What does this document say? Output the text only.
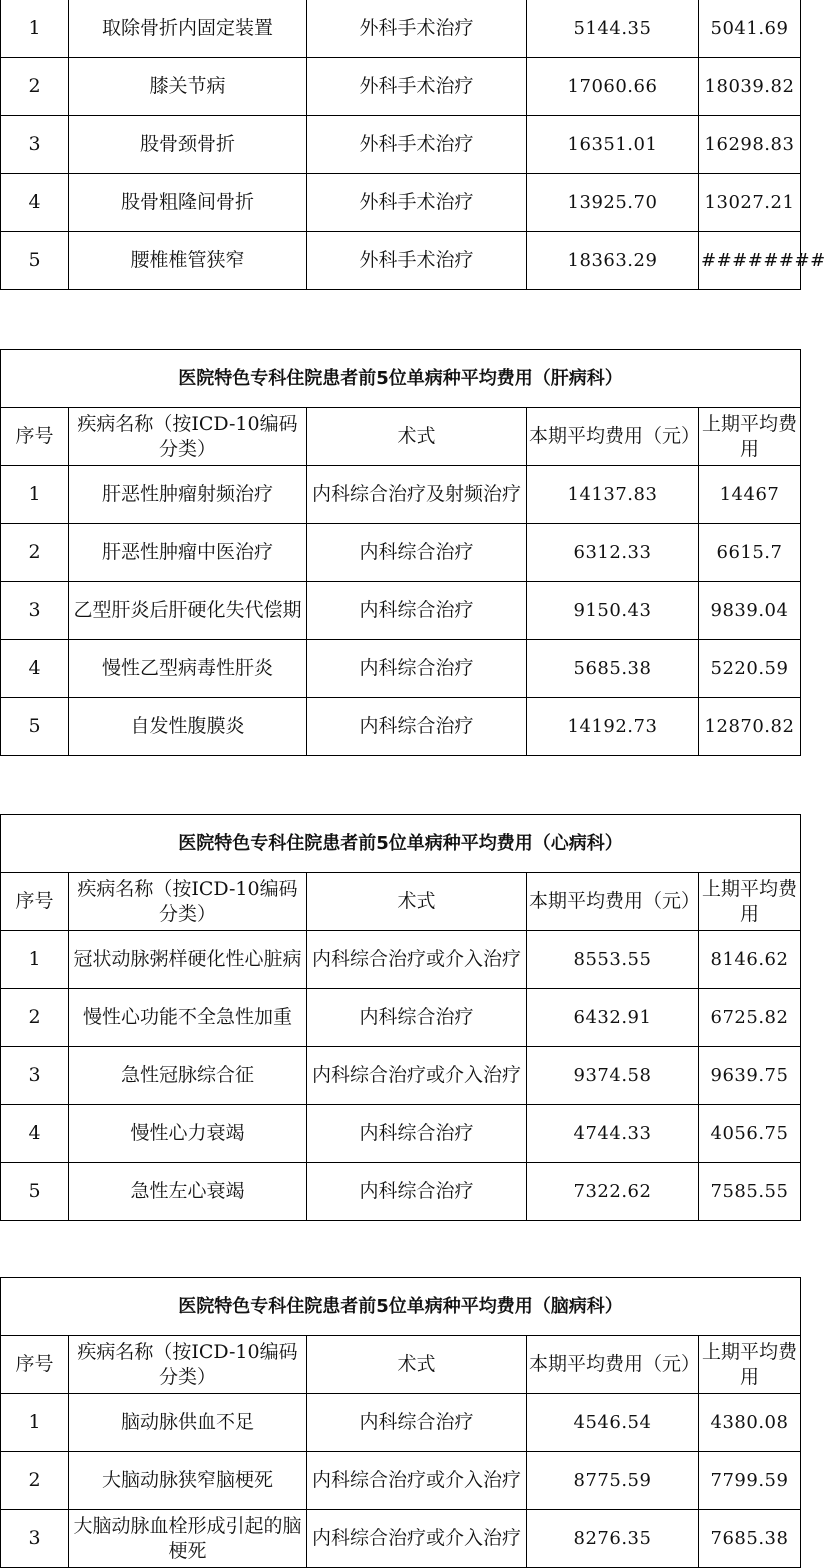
1	取除骨折内固定装置	外科手术治疗	5144.35	5041.69
2	膝关节病	外科手术治疗	17060.66	18039.82
3	股骨颈骨折	外科手术治疗	16351.01	16298.83
4	股骨粗隆间骨折	外科手术治疗	13925.70	13027.21
5	腰椎椎管狭窄	外科手术治疗	18363.29	########
医院特色专科住院患者前5位单病种平均费用（肝病科）				
序号	疾病名称（按ICD-10编码分类）	术式	本期平均费用（元）	上期平均费用
1	肝恶性肿瘤射频治疗	内科综合治疗及射频治疗	14137.83	14467
2	肝恶性肿瘤中医治疗	内科综合治疗	6312.33	6615.7
3	乙型肝炎后肝硬化失代偿期	内科综合治疗	9150.43	9839.04
4	慢性乙型病毒性肝炎	内科综合治疗	5685.38	5220.59
5	自发性腹膜炎	内科综合治疗	14192.73	12870.82
医院特色专科住院患者前5位单病种平均费用（心病科）				
序号	疾病名称（按ICD-10编码分类）	术式	本期平均费用（元）	上期平均费用
1	冠状动脉粥样硬化性心脏病	内科综合治疗或介入治疗	8553.55	8146.62
2	慢性心功能不全急性加重	内科综合治疗	6432.91	6725.82
3	急性冠脉综合征	内科综合治疗或介入治疗	9374.58	9639.75
4	慢性心力衰竭	内科综合治疗	4744.33	4056.75
5	急性左心衰竭	内科综合治疗	7322.62	7585.55
医院特色专科住院患者前5位单病种平均费用（脑病科）				
序号	疾病名称（按ICD-10编码分类）	术式	本期平均费用（元）	上期平均费用
1	脑动脉供血不足	内科综合治疗	4546.54	4380.08
2	大脑动脉狭窄脑梗死	内科综合治疗或介入治疗	8775.59	7799.59
3	大脑动脉血栓形成引起的脑梗死	内科综合治疗或介入治疗	8276.35	7685.38
